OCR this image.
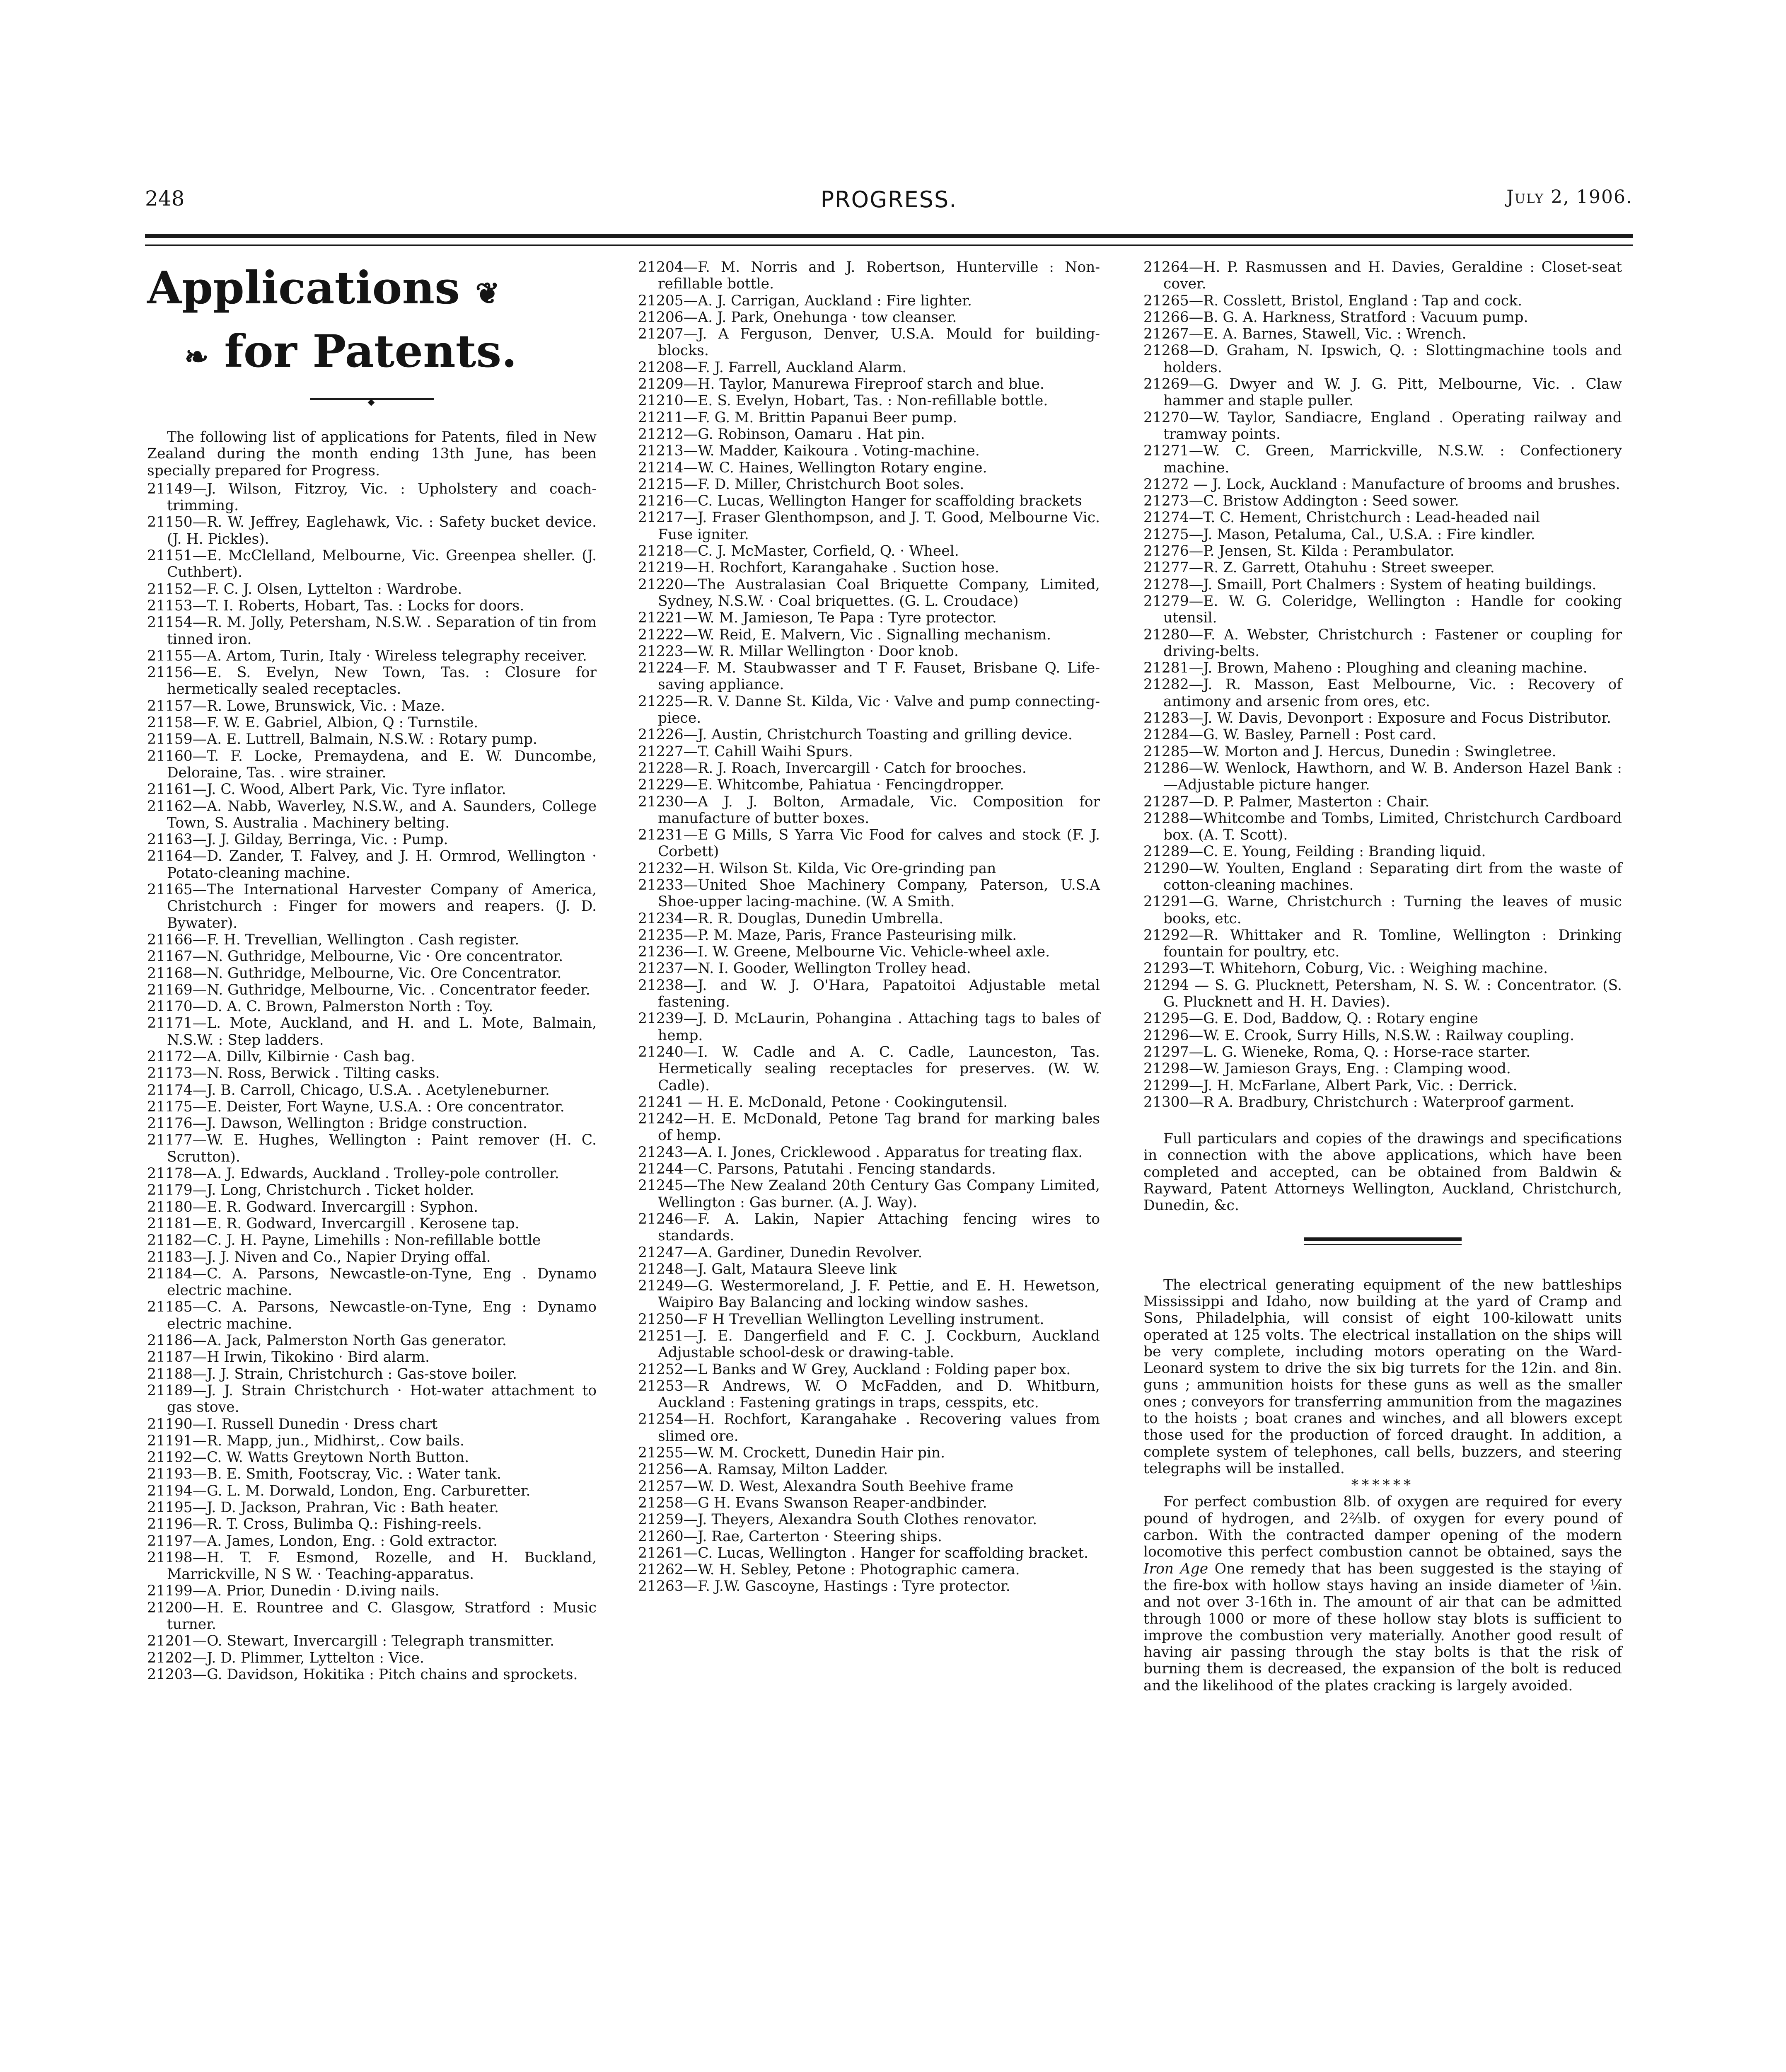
248	PROGRESS.	July 2, 1906.
Applications ❦
❧ for Patents.
◆

The following list of applications for Patents, filed in New Zealand during the month ending 13th June, has been specially prepared for Progress.

21149—J. Wilson, Fitzroy, Vic. : Upholstery and coach-trimming.

21150—R. W. Jeffrey, Eaglehawk, Vic. : Safety bucket device. (J. H. Pickles).

21151—E. McClelland, Melbourne, Vic. Greenpea sheller. (J. Cuthbert).

21152—F. C. J. Olsen, Lyttelton : Wardrobe.

21153—T. I. Roberts, Hobart, Tas. : Locks for doors.

21154—R. M. Jolly, Petersham, N.S.W. . Separation of tin from tinned iron.

21155—A. Artom, Turin, Italy · Wireless telegraphy receiver.

21156—E. S. Evelyn, New Town, Tas. : Closure for hermetically sealed receptacles.

21157—R. Lowe, Brunswick, Vic. : Maze.

21158—F. W. E. Gabriel, Albion, Q : Turnstile.

21159—A. E. Luttrell, Balmain, N.S.W. : Rotary pump.

21160—T. F. Locke, Premaydena, and E. W. Duncombe, Deloraine, Tas. . wire strainer.

21161—J. C. Wood, Albert Park, Vic. Tyre inflator.

21162—A. Nabb, Waverley, N.S.W., and A. Saunders, College Town, S. Australia . Machinery belting.

21163—J. J. Gilday, Berringa, Vic. : Pump.

21164—D. Zander, T. Falvey, and J. H. Ormrod, Wellington · Potato-cleaning machine.

21165—The International Harvester Company of America, Christchurch : Finger for mowers and reapers. (J. D. Bywater).

21166—F. H. Trevellian, Wellington . Cash register.

21167—N. Guthridge, Melbourne, Vic · Ore concentrator.

21168—N. Guthridge, Melbourne, Vic. Ore Concentrator.

21169—N. Guthridge, Melbourne, Vic. . Concentrator feeder.

21170—D. A. C. Brown, Palmerston North : Toy.

21171—L. Mote, Auckland, and H. and L. Mote, Balmain, N.S.W. : Step ladders.

21172—A. Dillv, Kilbirnie · Cash bag.

21173—N. Ross, Berwick . Tilting casks.

21174—J. B. Carroll, Chicago, U.S.A. . Acetyleneburner.

21175—E. Deister, Fort Wayne, U.S.A. : Ore concentrator.

21176—J. Dawson, Wellington : Bridge construction.

21177—W. E. Hughes, Wellington : Paint remover (H. C. Scrutton).

21178—A. J. Edwards, Auckland . Trolley-pole controller.

21179—J. Long, Christchurch . Ticket holder.

21180—E. R. Godward. Invercargill : Syphon.

21181—E. R. Godward, Invercargill . Kerosene tap.

21182—C. J. H. Payne, Limehills : Non-refillable bottle

21183—J. J. Niven and Co., Napier Drying offal.

21184—C. A. Parsons, Newcastle-on-Tyne, Eng . Dynamo electric machine.

21185—C. A. Parsons, Newcastle-on-Tyne, Eng : Dynamo electric machine.

21186—A. Jack, Palmerston North Gas generator.

21187—H Irwin, Tikokino · Bird alarm.

21188—J. J. Strain, Christchurch : Gas-stove boiler.

21189—J. J. Strain Christchurch · Hot-water attachment to gas stove.

21190—I. Russell Dunedin · Dress chart

21191—R. Mapp, jun., Midhirst,. Cow bails.

21192—C. W. Watts Greytown North Button.

21193—B. E. Smith, Footscray, Vic. : Water tank.

21194—G. L. M. Dorwald, London, Eng. Carburetter.

21195—J. D. Jackson, Prahran, Vic : Bath heater.

21196—R. T. Cross, Bulimba Q.: Fishing-reels.

21197—A. James, London, Eng. : Gold extractor.

21198—H. T. F. Esmond, Rozelle, and H. Buckland, Marrickville, N S W. · Teaching-apparatus.

21199—A. Prior, Dunedin · D.iving nails.

21200—H. E. Rountree and C. Glasgow, Stratford : Music turner.

21201—O. Stewart, Invercargill : Telegraph transmitter.

21202—J. D. Plimmer, Lyttelton : Vice.

21203—G. Davidson, Hokitika : Pitch chains and sprockets.

21204—F. M. Norris and J. Robertson, Hunterville : Non-refillable bottle.

21205—A. J. Carrigan, Auckland : Fire lighter.

21206—A. J. Park, Onehunga · tow cleanser.

21207—J. A Ferguson, Denver, U.S.A. Mould for building-blocks.

21208—F. J. Farrell, Auckland Alarm.

21209—H. Taylor, Manurewa Fireproof starch and blue.

21210—E. S. Evelyn, Hobart, Tas. : Non-refillable bottle.

21211—F. G. M. Brittin Papanui Beer pump.

21212—G. Robinson, Oamaru . Hat pin.

21213—W. Madder, Kaikoura . Voting-machine.

21214—W. C. Haines, Wellington Rotary engine.

21215—F. D. Miller, Christchurch Boot soles.

21216—C. Lucas, Wellington Hanger for scaffolding brackets

21217—J. Fraser Glenthompson, and J. T. Good, Melbourne Vic. Fuse igniter.

21218—C. J. McMaster, Corfield, Q. · Wheel.

21219—H. Rochfort, Karangahake . Suction hose.

21220—The Australasian Coal Briquette Company, Limited, Sydney, N.S.W. · Coal briquettes. (G. L. Croudace)

21221—W. M. Jamieson, Te Papa : Tyre protector.

21222—W. Reid, E. Malvern, Vic . Signalling mechanism.

21223—W. R. Millar Wellington · Door knob.

21224—F. M. Staubwasser and T F. Fauset, Brisbane Q. Life-saving appliance.

21225—R. V. Danne St. Kilda, Vic · Valve and pump connecting-piece.

21226—J. Austin, Christchurch Toasting and grilling device.

21227—T. Cahill Waihi Spurs.

21228—R. J. Roach, Invercargill · Catch for brooches.

21229—E. Whitcombe, Pahiatua · Fencingdropper.

21230—A J. J. Bolton, Armadale, Vic. Composition for manufacture of butter boxes.

21231—E G Mills, S Yarra Vic Food for calves and stock (F. J. Corbett)

21232—H. Wilson St. Kilda, Vic Ore-grinding pan

21233—United Shoe Machinery Company, Paterson, U.S.A Shoe-upper lacing-machine. (W. A Smith.

21234—R. R. Douglas, Dunedin Umbrella.

21235—P. M. Maze, Paris, France Pasteurising milk.

21236—I. W. Greene, Melbourne Vic. Vehicle-wheel axle.

21237—N. I. Gooder, Wellington Trolley head.

21238—J. and W. J. O'Hara, Papatoitoi Adjustable metal fastening.

21239—J. D. McLaurin, Pohangina . Attaching tags to bales of hemp.

21240—I. W. Cadle and A. C. Cadle, Launceston, Tas. Hermetically sealing receptacles for preserves. (W. W. Cadle).

21241 — H. E. McDonald, Petone · Cookingutensil.

21242—H. E. McDonald, Petone Tag brand for marking bales of hemp.

21243—A. I. Jones, Cricklewood . Apparatus for treating flax.

21244—C. Parsons, Patutahi . Fencing standards.

21245—The New Zealand 20th Century Gas Company Limited, Wellington : Gas burner. (A. J. Way).

21246—F. A. Lakin, Napier Attaching fencing wires to standards.

21247—A. Gardiner, Dunedin Revolver.

21248—J. Galt, Mataura Sleeve link

21249—G. Westermoreland, J. F. Pettie, and E. H. Hewetson, Waipiro Bay Balancing and locking window sashes.

21250—F H Trevellian Wellington Levelling instrument.

21251—J. E. Dangerfield and F. C. J. Cockburn, Auckland Adjustable school-desk or drawing-table.

21252—L Banks and W Grey, Auckland : Folding paper box.

21253—R Andrews, W. O McFadden, and D. Whitburn, Auckland : Fastening gratings in traps, cesspits, etc.

21254—H. Rochfort, Karangahake . Recovering values from slimed ore.

21255—W. M. Crockett, Dunedin Hair pin.

21256—A. Ramsay, Milton Ladder.

21257—W. D. West, Alexandra South Beehive frame

21258—G H. Evans Swanson Reaper-andbinder.

21259—J. Theyers, Alexandra South Clothes renovator.

21260—J. Rae, Carterton · Steering ships.

21261—C. Lucas, Wellington . Hanger for scaffolding bracket.

21262—W. H. Sebley, Petone : Photographic camera.

21263—F. J.W. Gascoyne, Hastings : Tyre protector.

21264—H. P. Rasmussen and H. Davies, Geraldine : Closet-seat cover.

21265—R. Cosslett, Bristol, England : Tap and cock.

21266—B. G. A. Harkness, Stratford : Vacuum pump.

21267—E. A. Barnes, Stawell, Vic. : Wrench.

21268—D. Graham, N. Ipswich, Q. : Slottingmachine tools and holders.

21269—G. Dwyer and W. J. G. Pitt, Melbourne, Vic. . Claw hammer and staple puller.

21270—W. Taylor, Sandiacre, England . Operating railway and tramway points.

21271—W. C. Green, Marrickville, N.S.W. : Confectionery machine.

21272 — J. Lock, Auckland : Manufacture of brooms and brushes.

21273—C. Bristow Addington : Seed sower.

21274—T. C. Hement, Christchurch : Lead-headed nail

21275—J. Mason, Petaluma, Cal., U.S.A. : Fire kindler.

21276—P. Jensen, St. Kilda : Perambulator.

21277—R. Z. Garrett, Otahuhu : Street sweeper.

21278—J. Smaill, Port Chalmers : System of heating buildings.

21279—E. W. G. Coleridge, Wellington : Handle for cooking utensil.

21280—F. A. Webster, Christchurch : Fastener or coupling for driving-belts.

21281—J. Brown, Maheno : Ploughing and cleaning machine.

21282—J. R. Masson, East Melbourne, Vic. : Recovery of antimony and arsenic from ores, etc.

21283—J. W. Davis, Devonport : Exposure and Focus Distributor.

21284—G. W. Basley, Parnell : Post card.

21285—W. Morton and J. Hercus, Dunedin : Swingletree.

21286—W. Wenlock, Hawthorn, and W. B. Anderson Hazel Bank :—Adjustable picture hanger.

21287—D. P. Palmer, Masterton : Chair.

21288—Whitcombe and Tombs, Limited, Christchurch Cardboard box. (A. T. Scott).

21289—C. E. Young, Feilding : Branding liquid.

21290—W. Youlten, England : Separating dirt from the waste of cotton-cleaning machines.

21291—G. Warne, Christchurch : Turning the leaves of music books, etc.

21292—R. Whittaker and R. Tomline, Wellington : Drinking fountain for poultry, etc.

21293—T. Whitehorn, Coburg, Vic. : Weighing machine.

21294 — S. G. Plucknett, Petersham, N. S. W. : Concentrator. (S. G. Plucknett and H. H. Davies).

21295—G. E. Dod, Baddow, Q. : Rotary engine

21296—W. E. Crook, Surry Hills, N.S.W. : Railway coupling.

21297—L. G. Wieneke, Roma, Q. : Horse-race starter.

21298—W. Jamieson Grays, Eng. : Clamping wood.

21299—J. H. McFarlane, Albert Park, Vic. : Derrick.

21300—R A. Bradbury, Christchurch : Waterproof garment.

Full particulars and copies of the drawings and specifications in connection with the above applications, which have been completed and accepted, can be obtained from Baldwin & Rayward, Patent Attorneys Wellington, Auckland, Christchurch, Dunedin, &c.

The electrical generating equipment of the new battleships Mississippi and Idaho, now building at the yard of Cramp and Sons, Philadelphia, will consist of eight 100-kilowatt units operated at 125 volts. The electrical installation on the ships will be very complete, including motors operating on the Ward-Leonard system to drive the six big turrets for the 12in. and 8in. guns ; ammunition hoists for these guns as well as the smaller ones ; conveyors for transferring ammunition from the magazines to the hoists ; boat cranes and winches, and all blowers except those used for the production of forced draught. In addition, a complete system of telephones, call bells, buzzers, and steering telegraphs will be installed.

******

For perfect combustion 8lb. of oxygen are required for every pound of hydrogen, and 2⅔lb. of oxygen for every pound of carbon. With the contracted damper opening of the modern locomotive this perfect combustion cannot be obtained, says the Iron Age One remedy that has been suggested is the staying of the fire-box with hollow stays having an inside diameter of ⅛in. and not over 3-16th in. The amount of air that can be admitted through 1000 or more of these hollow stay blots is sufficient to improve the combustion very materially. Another good result of having air passing through the stay bolts is that the risk of burning them is decreased, the expansion of the bolt is reduced and the likelihood of the plates cracking is largely avoided.
